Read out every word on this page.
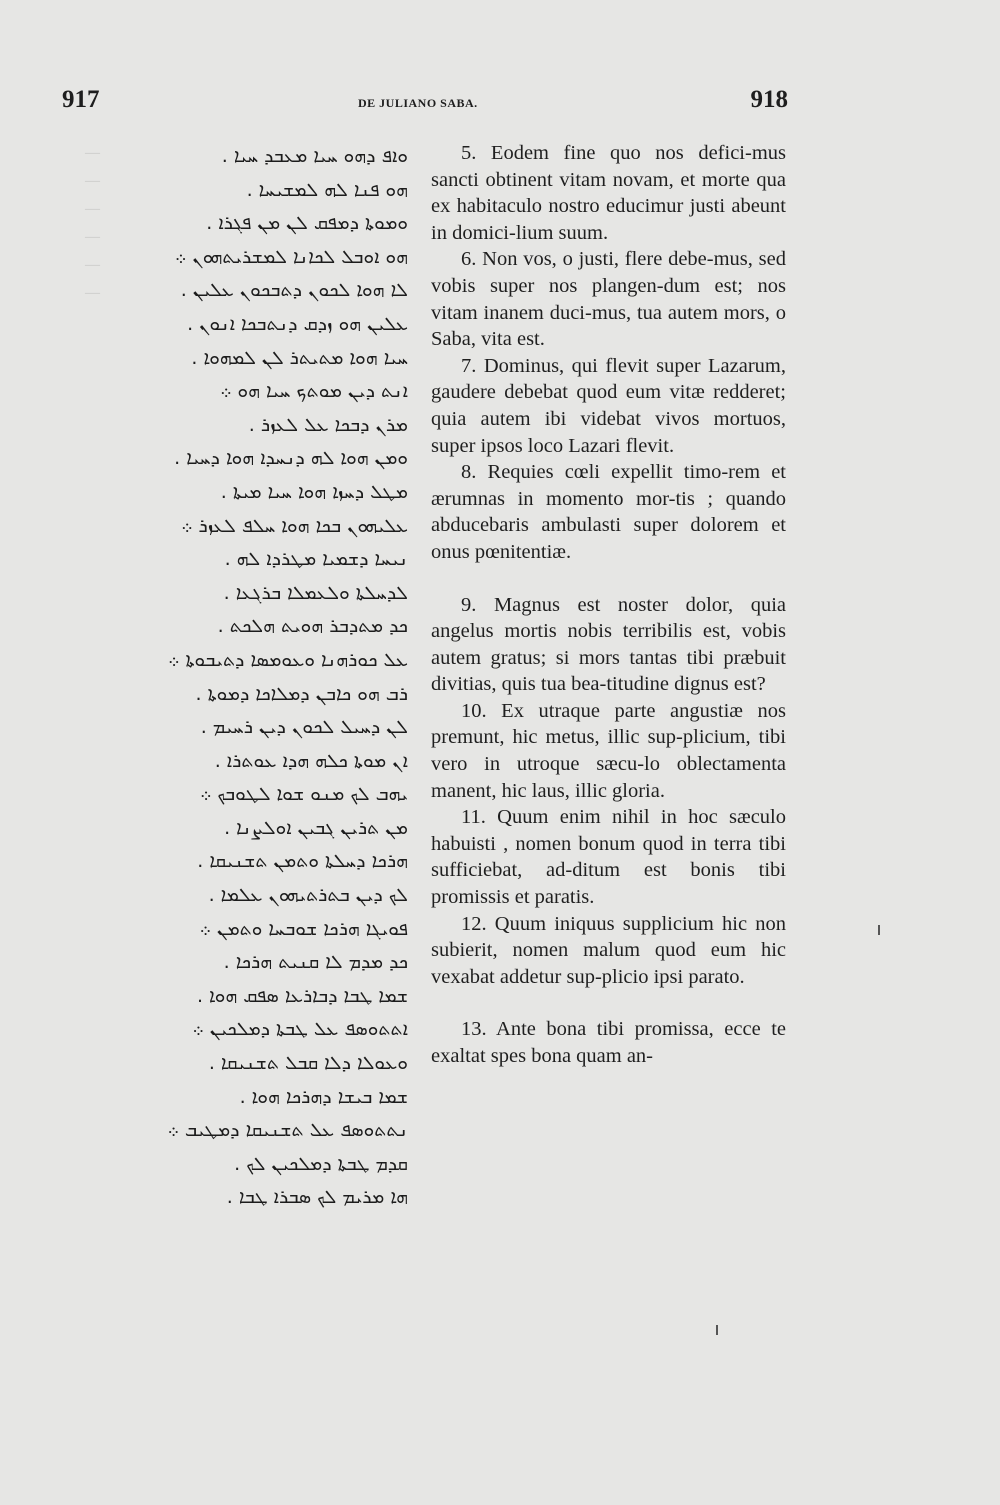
—
—
—
—
—
—
917	DE JULIANO SABA.	918
ܘܐܦ ܕܗܘ ܚܝܐ ܡܥܒܕ ܚܝܐ .
ܗܘ ܦܢܐ ܠܗ ܠܡܫܝܚܐ .
ܘܡܘܬܐ ܕܡܦܩ ܠܢ ܡܢ ܦܓܪܐ .
ܗܘ ܐܘܒܠ ܠܟܐܢܐ ܠܡܫܪܝܬܗܘܢ ܀
ܠܐ ܗܘܐ ܠܟܘܢ ܕܬܒܟܘܢ ܥܠܝܢ .
ܥܠܝܢ ܗܘ ܙܕܩ ܕܢܬܒܟܐ ܐܢܘܢ .
ܚܝܐ ܗܘܐ ܡܬܝܬܪ ܠܢ ܠܡܗܘܐ .
ܐܢܬ ܕܝܢ ܡܘܬܟ ܚܝܐ ܗܘ ܀
ܡܪܢ ܕܒܟܐ ܥܠ ܠܥܙܪ .
ܘܡܢ ܗܘܐ ܠܗ ܕܢܚܕܐ ܗܘܐ ܕܚܝܐ .
ܡܛܠ ܕܚܙܐ ܗܘܐ ܚܝܐ ܡܝܬܐ .
ܥܠܝܗܘܢ ܒܟܐ ܗܘܐ ܚܠܦ ܠܥܙܪ ܀
ܢܝܚܐ ܕܫܡܝܐ ܡܛܪܕܐ ܠܗ .
ܠܕܚܠܬܐ ܘܠܥܡܠܐ ܒܪܓܥܐ .
ܟܕ ܡܬܕܒܪ ܗܘܝܬ ܗܠܟܬ .
ܥܠ ܟܘܪܗܢܐ ܘܥܘܡܣܐ ܕܬܝܒܘܬܐ ܀
ܪܒ ܗܘ ܟܐܒܢ ܕܡܠܐܟܐ ܕܡܘܬܐ .
ܠܢ ܕܚܝܠ ܠܟܘܢ ܕܝܢ ܪܚܝܡ .
ܐܢ ܡܘܬܐ ܟܠܗ ܗܕܐ ܥܘܬܪܐ .
ܝܗܒ ܠܟ ܡܢܘ ܫܘܐ ܠܛܘܒܟ ܀
ܡܢ ܬܪܝܢ ܓܒܝܢ ܐܘܠܨܢܐ .
ܗܪܟܐ ܕܚܠܬܐ ܘܬܡܢ ܬܫܢܝܩܐ .
ܠܟ ܕܝܢ ܒܬܪܬܝܗܘܢ ܥܠܡܐ .
ܦܘܝܓܐ ܗܪܟܐ ܫܘܒܚܐ ܘܬܡܢ ܀
ܟܕ ܡܕܡ ܠܐ ܩܢܝܬ ܗܪܟܐ .
ܫܡܐ ܛܒܐ ܕܒܐܪܥܐ ܣܦܩ ܗܘܐ .
ܐܬܬܘܣܦ ܥܠ ܛܒܬܐ ܕܡܠܟܝܢ ܀
ܘܥܘܠܐ ܕܠܐ ܩܒܠ ܬܫܢܝܩܐ .
ܫܡܐ ܒܝܫܐ ܕܗܪܟܐ ܗܘܐ .
ܢܬܬܘܣܦ ܥܠ ܬܫܢܝܩܐ ܕܡܛܝܒ ܀
ܩܕܡ ܛܒܬܐ ܕܡܠܟܝܢ ܠܟ .
ܗܐ ܡܪܝܡ ܠܟ ܣܒܪܐ ܛܒܐ .

5. Eodem fine quo nos defici-mus sancti obtinent vitam novam, et morte qua ex habitaculo nostro educimur justi abeunt in domici-lium suum.

6. Non vos, o justi, flere debe-mus, sed vobis super nos plangen-dum est; nos vitam inanem duci-mus, tua autem mors, o Saba, vita est.

7. Dominus, qui flevit super Lazarum, gaudere debebat quod eum vitæ redderet; quia autem ibi videbat vivos mortuos, super ipsos loco Lazari flevit.

8. Requies cœli expellit timo-rem et ærumnas in momento mor-tis ; quando abducebaris ambulasti super dolorem et onus pœnitentiæ.

9. Magnus est noster dolor, quia angelus mortis nobis terribilis est, vobis autem gratus; si mors tantas tibi præbuit divitias, quis tua bea-titudine dignus est?

10. Ex utraque parte angustiæ nos premunt, hic metus, illic sup-plicium, tibi vero in utroque sæcu-lo oblectamenta manent, hic laus, illic gloria.

11. Quum enim nihil in hoc sæculo habuisti , nomen bonum quod in terra tibi sufficiebat, ad-ditum est bonis tibi promissis et paratis.

12. Quum iniquus supplicium hic non subierit, nomen malum quod eum hic vexabat addetur sup-plicio ipsi parato.

13. Ante bona tibi promissa, ecce te exaltat spes bona quam an-
